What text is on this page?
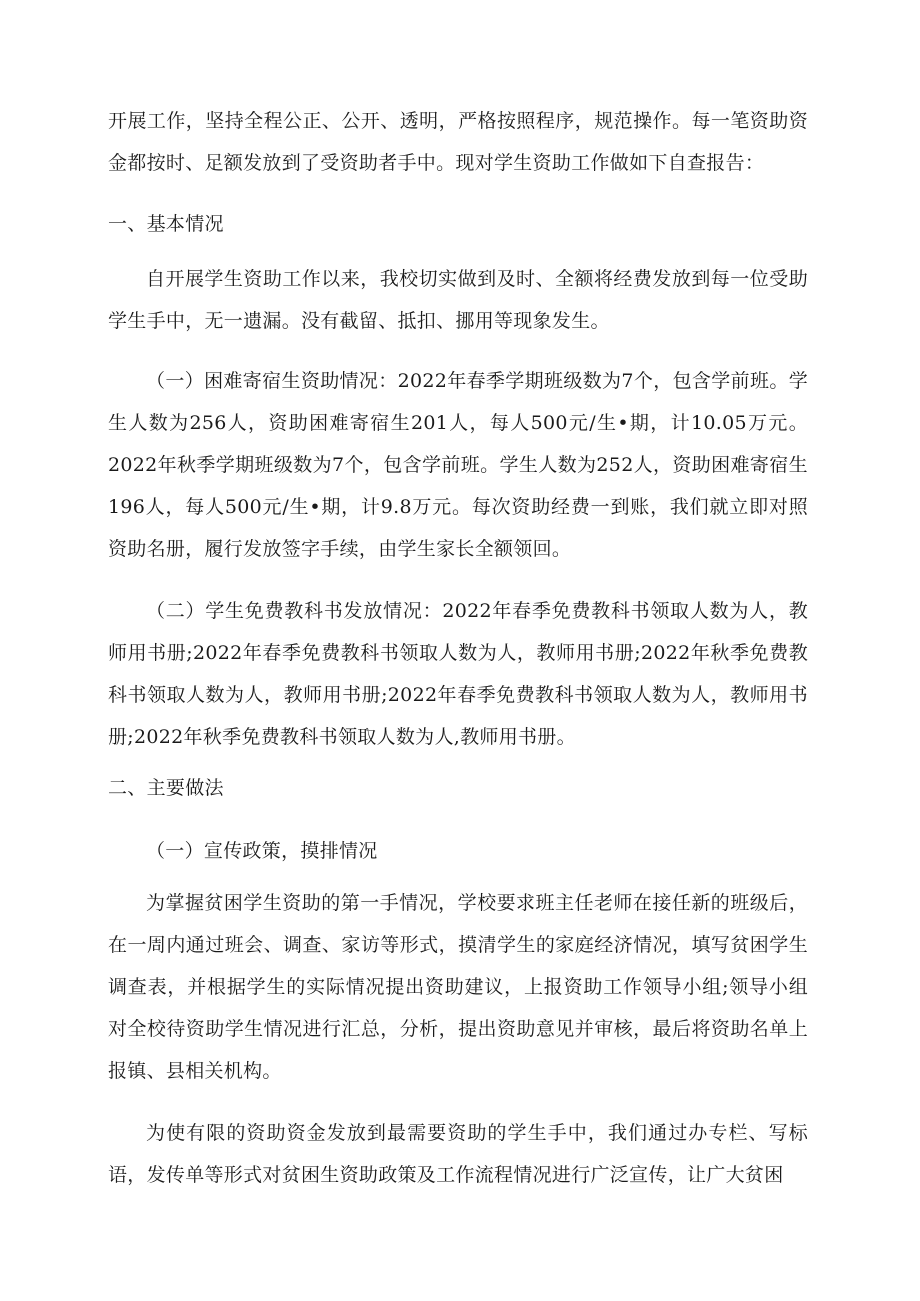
开展工作，坚持全程公正、公开、透明，严格按照程序，规范操作。每一笔资助资金都按时、足额发放到了受资助者手中。现对学生资助工作做如下自查报告：

一、基本情况

自开展学生资助工作以来，我校切实做到及时、全额将经费发放到每一位受助学生手中，无一遗漏。没有截留、抵扣、挪用等现象发生。

（一）困难寄宿生资助情况：2022年春季学期班级数为7个，包含学前班。学生人数为256人，资助困难寄宿生201人，每人500元/生•期，计10.05万元。2022年秋季学期班级数为7个，包含学前班。学生人数为252人，资助困难寄宿生196人，每人500元/生•期，计9.8万元。每次资助经费一到账，我们就立即对照资助名册，履行发放签字手续，由学生家长全额领回。

（二）学生免费教科书发放情况：2022年春季免费教科书领取人数为人，教师用书册;2022年春季免费教科书领取人数为人，教师用书册;2022年秋季免费教科书领取人数为人，教师用书册;2022年春季免费教科书领取人数为人，教师用书册;2022年秋季免费教科书领取人数为人,教师用书册。

二、主要做法

（一）宣传政策，摸排情况

为掌握贫困学生资助的第一手情况，学校要求班主任老师在接任新的班级后，在一周内通过班会、调查、家访等形式，摸清学生的家庭经济情况，填写贫困学生调查表，并根据学生的实际情况提出资助建议，上报资助工作领导小组;领导小组对全校待资助学生情况进行汇总，分析，提出资助意见并审核，最后将资助名单上报镇、县相关机构。

为使有限的资助资金发放到最需要资助的学生手中，我们通过办专栏、写标语，发传单等形式对贫困生资助政策及工作流程情况进行广泛宣传，让广大贫困
